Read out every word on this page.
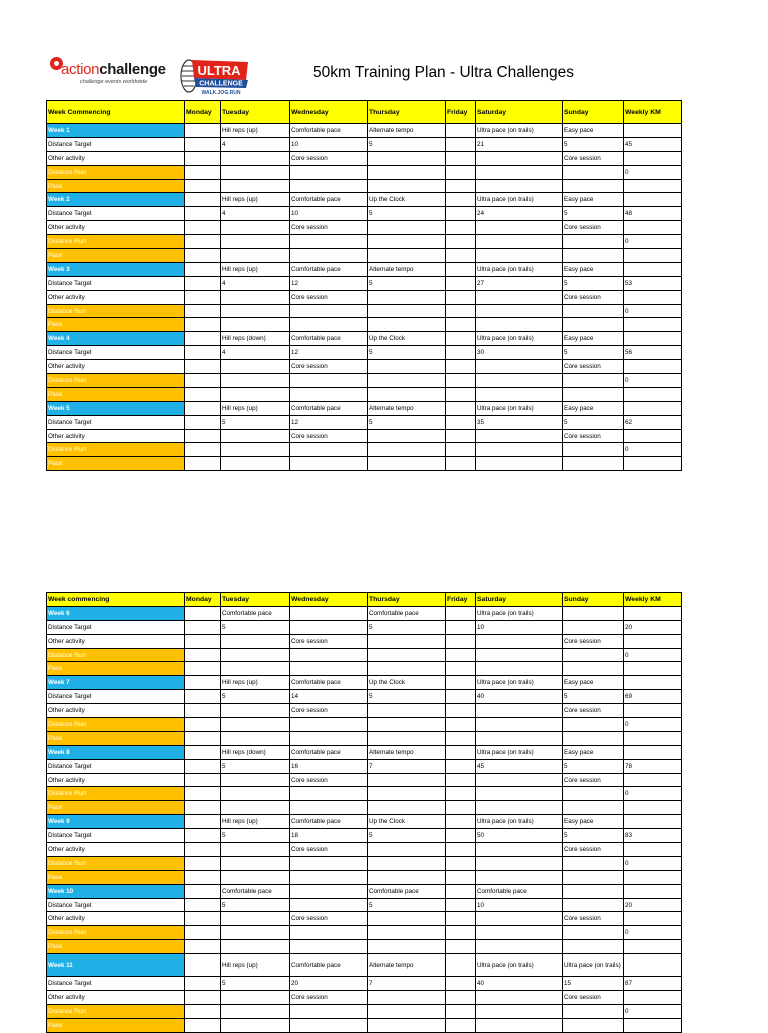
actionchallenge
challenge events worldwide
ULTRA
CHALLENGE
WALK.JOG.RUN
50km Training Plan - Ultra Challenges
Week Commencing	Monday	Tuesday	Wednesday	Thursday	Friday	Saturday	Sunday	Weekly KM
Week 1		Hill reps (up)	Comfortable pace	Alternate tempo		Ultra pace (on trails)	Easy pace	
Distance Target		4	10	5		21	5	45
Other activity			Core session				Core session	
Distance Run								0
Pace								
Week 2		Hill reps (up)	Comfortable pace	Up the Clock		Ultra pace (on trails)	Easy pace	
Distance Target		4	10	5		24	5	48
Other activity			Core session				Core session	
Distance Run								0
Pace								
Week 3		Hill reps (up)	Comfortable pace	Alternate tempo		Ultra pace (on trails)	Easy pace	
Distance Target		4	12	5		27	5	53
Other activity			Core session				Core session	
Distance Run								0
Pace								
Week 4		Hill reps (down)	Comfortable pace	Up the Clock		Ultra pace (on trails)	Easy pace	
Distance Target		4	12	5		30	5	56
Other activity			Core session				Core session	
Distance Run								0
Pace								
Week 5		Hill reps (up)	Comfortable pace	Alternate tempo		Ultra pace (on trails)	Easy pace	
Distance Target		5	12	5		35	5	62
Other activity			Core session				Core session	
Distance Run								0
Pace								
Week commencing	Monday	Tuesday	Wednesday	Thursday	Friday	Saturday	Sunday	Weekly KM
Week 6		Comfortable pace		Comfortable pace		Ultra pace (on trails)		
Distance Target		5		5		10		20
Other activity			Core session				Core session	
Distance Run								0
Pace								
Week 7		Hill reps (up)	Comfortable pace	Up the Clock		Ultra pace (on trails)	Easy pace	
Distance Target		5	14	5		40	5	69
Other activity			Core session				Core session	
Distance Run								0
Pace								
Week 8		Hill reps (down)	Comfortable pace	Alternate tempo		Ultra pace (on trails)	Easy pace	
Distance Target		5	16	7		45	5	78
Other activity			Core session				Core session	
Distance Run								0
Pace								
Week 9		Hill reps (up)	Comfortable pace	Up the Clock		Ultra pace (on trails)	Easy pace	
Distance Target		5	18	5		50	5	83
Other activity			Core session				Core session	
Distance Run								0
Pace								
Week 10		Comfortable pace		Comfortable pace		Comfortable pace		
Distance Target		5		5		10		20
Other activity			Core session				Core session	
Distance Run								0
Pace								
Week 11		Hill reps (up)	Comfortable pace	Alternate tempo		Ultra pace (on trails)	Ultra pace (on trails)	
Distance Target		5	20	7		40	15	87
Other activity			Core session				Core session	
Distance Run								0
Pace								
